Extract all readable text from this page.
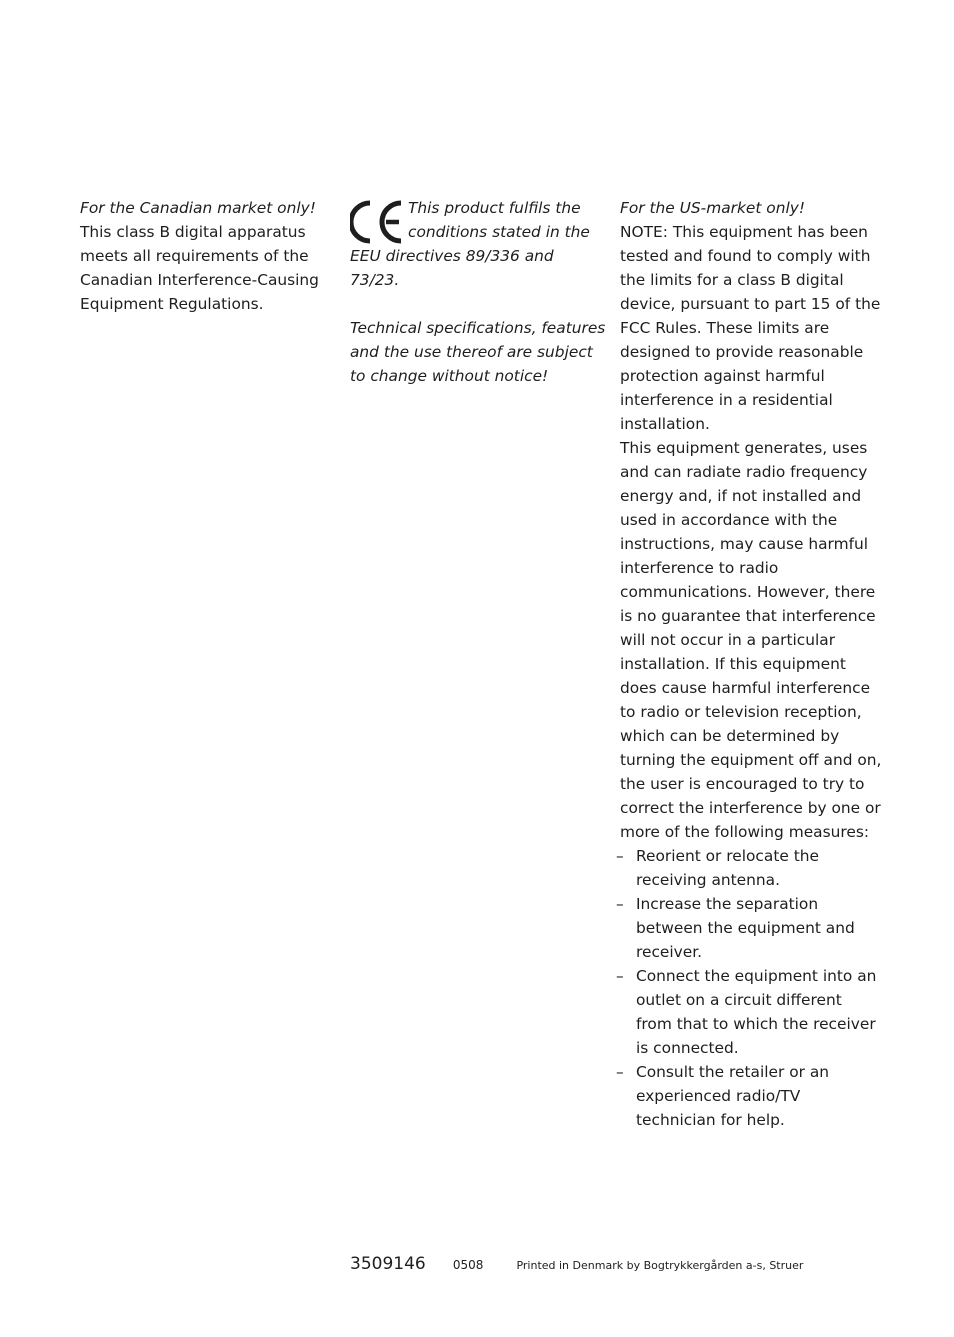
For the Canadian market only!

This class B digital apparatus meets all requirements of the Canadian Interference-Causing Equipment Regulations.

This product fulfils the conditions stated in the EEU directives 89/336 and 73/23.

Technical specifications, features and the use thereof are subject to change without notice!

For the US-market only!

NOTE: This equipment has been tested and found to comply with the limits for a class B digital device, pursuant to part 15 of the FCC Rules. These limits are designed to provide reasonable protection against harmful interference in a residential installation.

This equipment generates, uses and can radiate radio frequency energy and, if not installed and used in accordance with the instructions, may cause harmful interference to radio communications. However, there is no guarantee that interference will not occur in a particular installation. If this equipment does cause harmful interference to radio or television reception, which can be determined by turning the equipment off and on, the user is encouraged to try to correct the interference by one or more of the following measures:

– Reorient or relocate the receiving antenna.
– Increase the separation between the equipment and receiver.
– Connect the equipment into an outlet on a circuit different from that to which the receiver is connected.
– Consult the retailer or an experienced radio/TV technician for help.
3509146 0508	Printed in Denmark by Bogtrykkergården a-s, Struer
